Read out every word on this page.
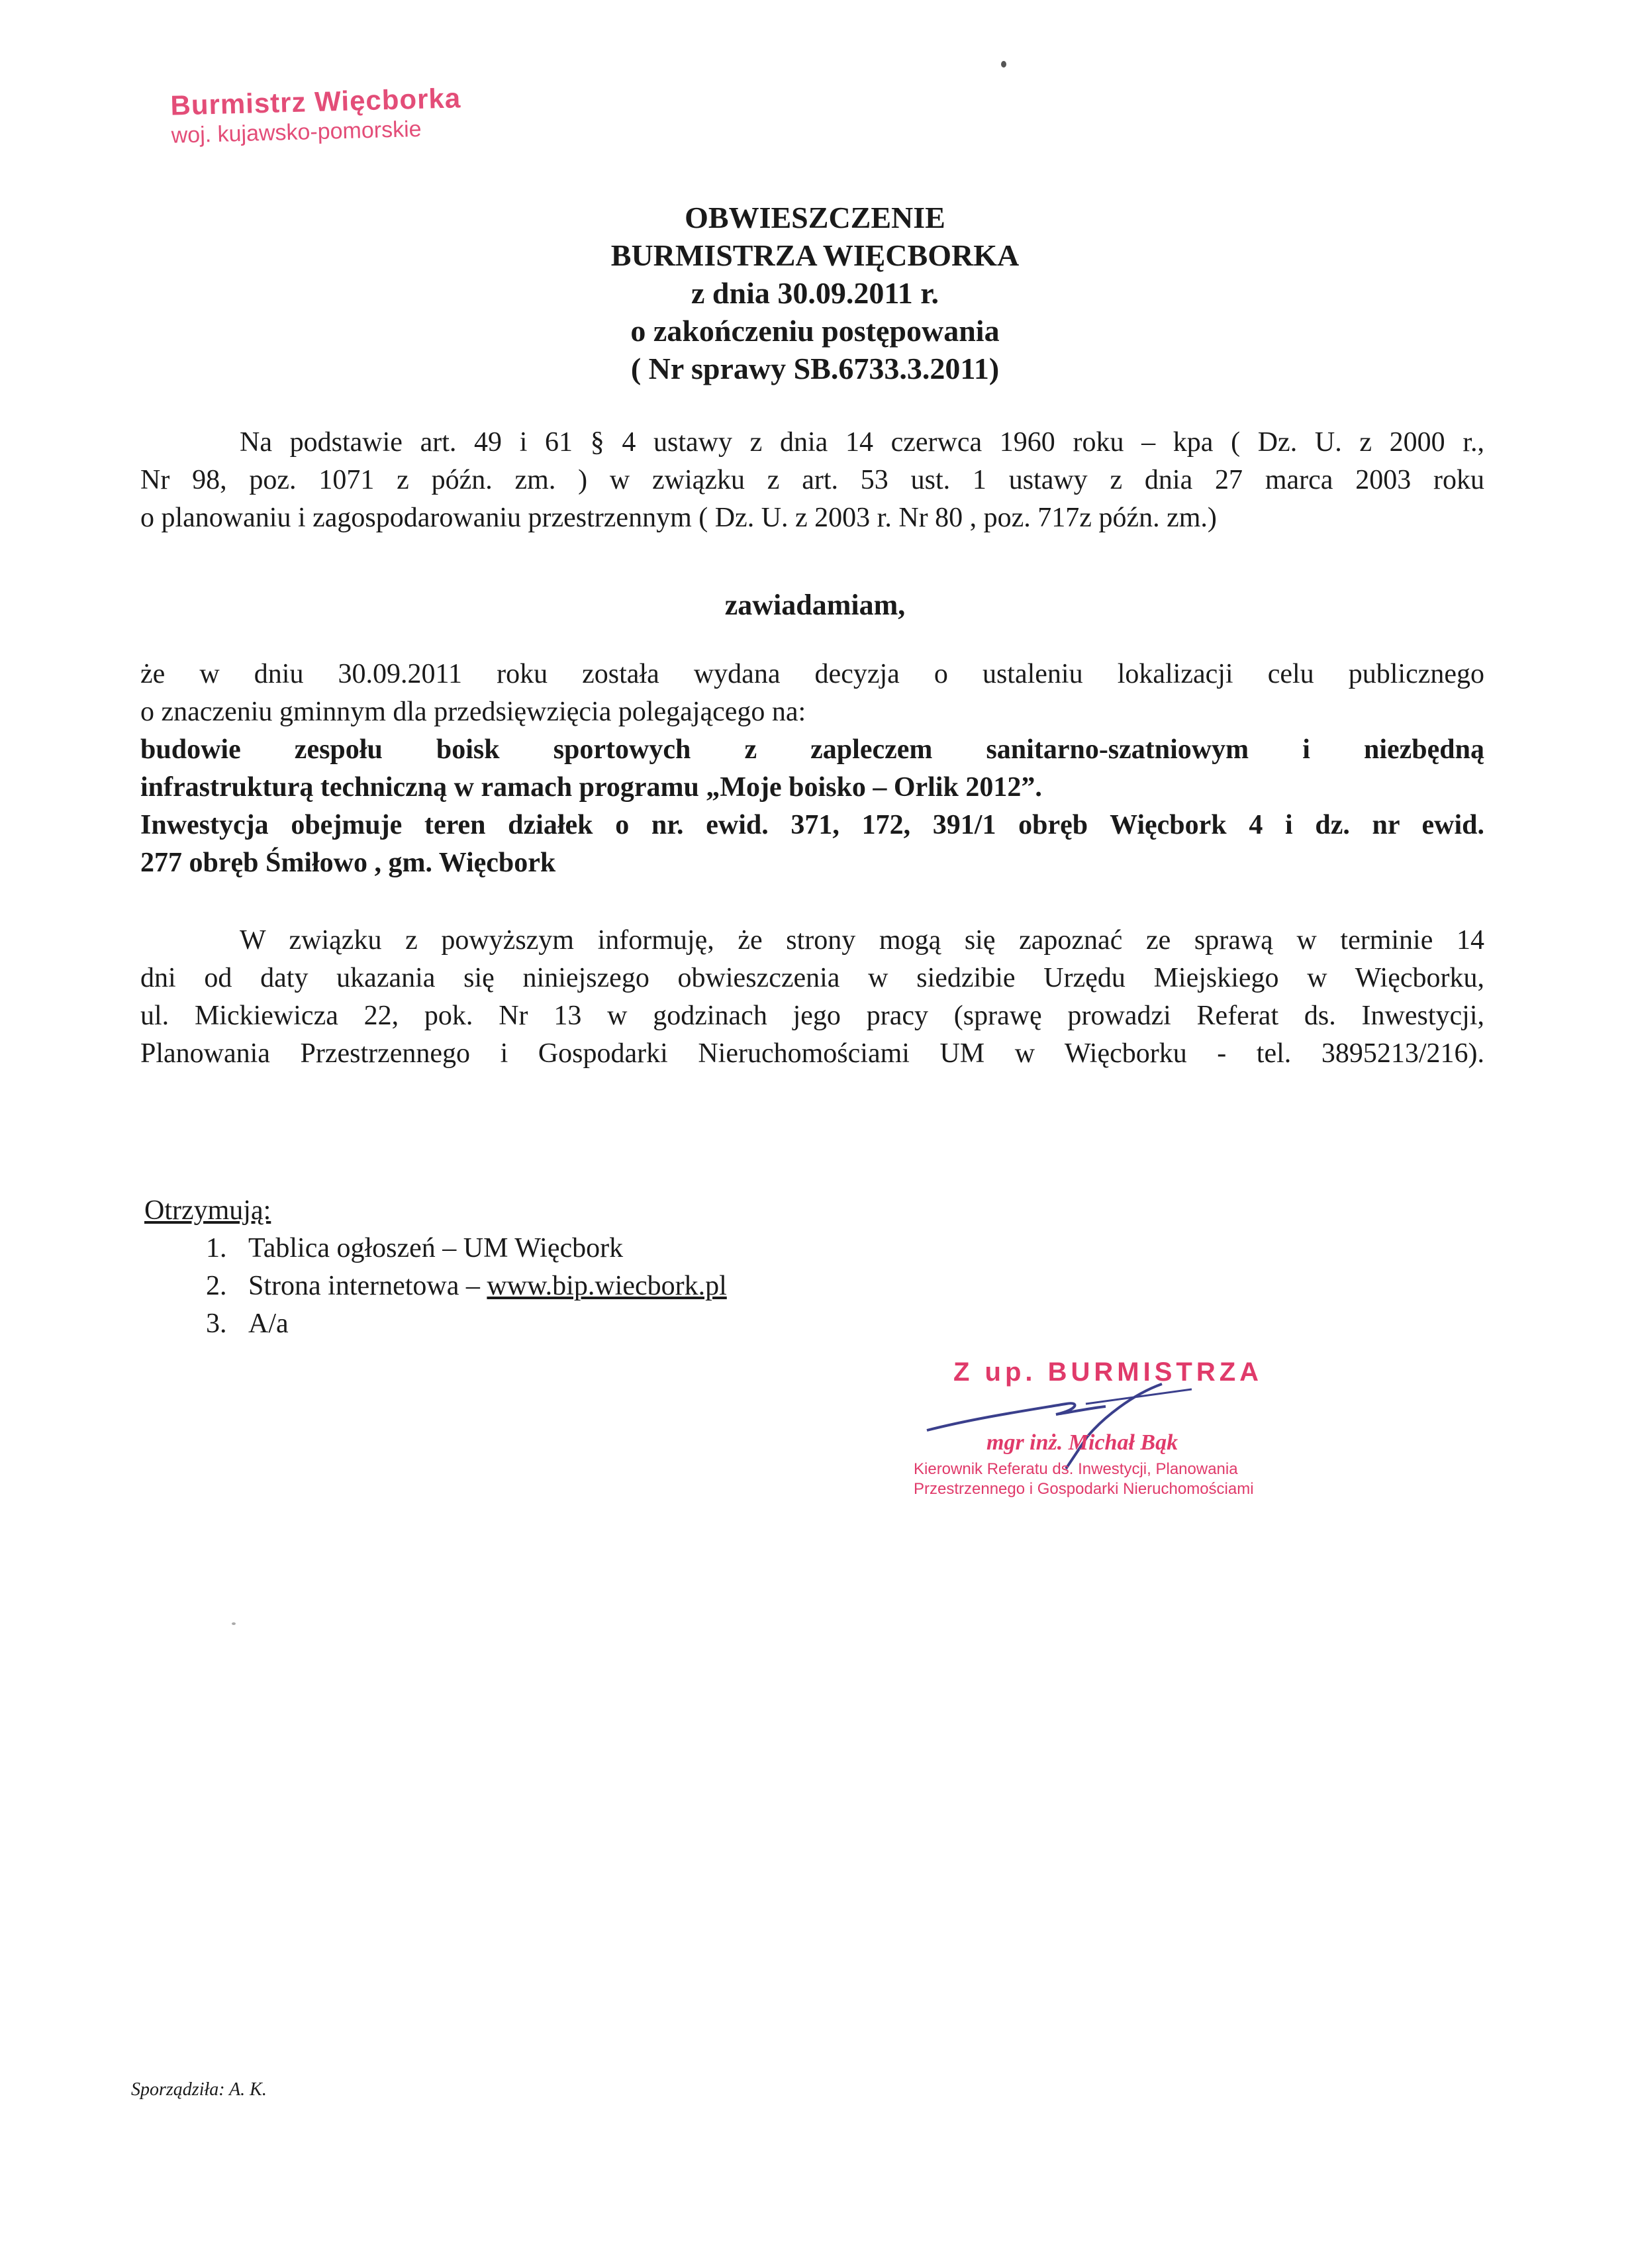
Burmistrz Więcborka
woj. kujawsko-pomorskie
OBWIESZCZENIE
BURMISTRZA WIĘCBORKA
z dnia 30.09.2011 r.
o zakończeniu postępowania
( Nr sprawy SB.6733.3.2011)
Na podstawie art. 49 i 61 § 4 ustawy z dnia 14 czerwca 1960 roku – kpa ( Dz. U. z 2000 r.,
Nr 98, poz. 1071 z późn. zm. ) w związku z art. 53 ust. 1 ustawy z dnia 27 marca 2003 roku
o planowaniu i zagospodarowaniu przestrzennym ( Dz. U. z 2003 r. Nr 80 , poz. 717z późn. zm.)
zawiadamiam,
że w dniu 30.09.2011 roku została wydana decyzja o ustaleniu lokalizacji celu publicznego
o znaczeniu gminnym dla przedsięwzięcia polegającego na:
budowie zespołu boisk sportowych z zapleczem sanitarno-szatniowym i niezbędną
infrastrukturą techniczną w ramach programu „Moje boisko – Orlik 2012”.
Inwestycja obejmuje teren działek o nr. ewid. 371, 172, 391/1 obręb Więcbork 4 i dz. nr ewid.
277 obręb Śmiłowo , gm. Więcbork
W związku z powyższym informuję, że strony mogą się zapoznać ze sprawą w terminie 14
dni od daty ukazania się niniejszego obwieszczenia w siedzibie Urzędu Miejskiego w Więcborku,
ul. Mickiewicza 22, pok. Nr 13 w godzinach jego pracy (sprawę prowadzi Referat ds. Inwestycji,
Planowania Przestrzennego i Gospodarki Nieruchomościami UM w Więcborku - tel. 3895213/216).
Otrzymują:
1. Tablica ogłoszeń – UM Więcbork
2. Strona internetowa – www.bip.wiecbork.pl
3. A/a
Z up. BURMISTRZA
mgr inż. Michał Bąk
Kierownik Referatu ds. Inwestycji, Planowania
Przestrzennego i Gospodarki Nieruchomościami
Sporządziła: A. K.
